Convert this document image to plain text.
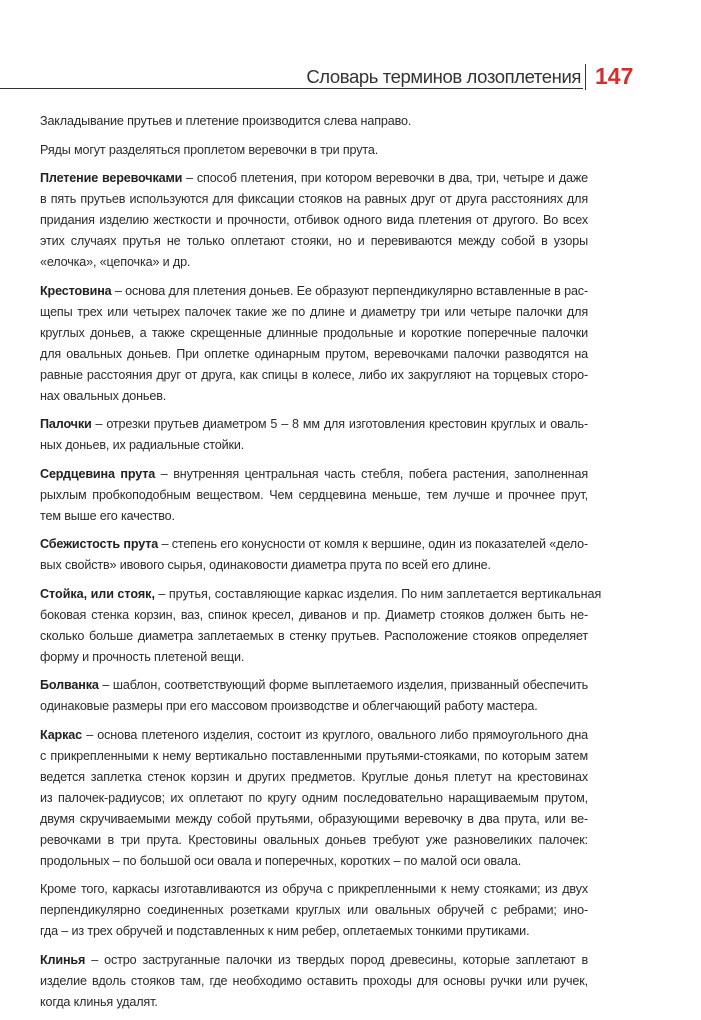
Словарь терминов лозоплетения 147
Закладывание прутьев и плетение производится слева направо.
Ряды могут разделяться проплетом веревочки в три прута.
Плетение веревочками – способ плетения, при котором веревочки в два, три, четыре и даже
в пять прутьев используются для фиксации стояков на равных друг от друга расстояниях для
придания изделию жесткости и прочности, отбивок одного вида плетения от другого. Во всех
этих случаях прутья не только оплетают стояки, но и перевиваются между собой в узоры
«елочка», «цепочка» и др.
Крестовина – основа для плетения доньев. Ее образуют перпендикулярно вставленные в рас-
щепы трех или четырех палочек такие же по длине и диаметру три или четыре палочки для
круглых доньев, а также скрещенные длинные продольные и короткие поперечные палочки
для овальных доньев. При оплетке одинарным прутом, веревочками палочки разводятся на
равные расстояния друг от друга, как спицы в колесе, либо их закругляют на торцевых сторо-
нах овальных доньев.
Палочки – отрезки прутьев диаметром 5 – 8 мм для изготовления крестовин круглых и оваль-
ных доньев, их радиальные стойки.
Сердцевина прута – внутренняя центральная часть стебля, побега растения, заполненная
рыхлым пробкоподобным веществом. Чем сердцевина меньше, тем лучше и прочнее прут,
тем выше его качество.
Сбежистость прута – степень его конусности от комля к вершине, один из показателей «дело-
вых свойств» ивового сырья, одинаковости диаметра прута по всей его длине.
Стойка, или стояк, – прутья, составляющие каркас изделия. По ним заплетается вертикальная
боковая стенка корзин, ваз, спинок кресел, диванов и пр. Диаметр стояков должен быть не-
сколько больше диаметра заплетаемых в стенку прутьев. Расположение стояков определяет
форму и прочность плетеной вещи.
Болванка – шаблон, соответствующий форме выплетаемого изделия, призванный обеспечить
одинаковые размеры при его массовом производстве и облегчающий работу мастера.
Каркас – основа плетеного изделия, состоит из круглого, овального либо прямоугольного дна
с прикрепленными к нему вертикально поставленными прутьями-стояками, по которым затем
ведется заплетка стенок корзин и других предметов. Круглые донья плетут на крестовинах
из палочек-радиусов; их оплетают по кругу одним последовательно наращиваемым прутом,
двумя скручиваемыми между собой прутьями, образующими веревочку в два прута, или ве-
ревочками в три прута. Крестовины овальных доньев требуют уже разновеликих палочек:
продольных – по большой оси овала и поперечных, коротких – по малой оси овала.
Кроме того, каркасы изготавливаются из обруча с прикрепленными к нему стояками; из двух
перпендикулярно соединенных розетками круглых или овальных обручей с ребрами; ино-
гда – из трех обручей и подставленных к ним ребер, оплетаемых тонкими прутиками.
Клинья – остро заструганные палочки из твердых пород древесины, которые заплетают в
изделие вдоль стояков там, где необходимо оставить проходы для основы ручки или ручек,
когда клинья удалят.
